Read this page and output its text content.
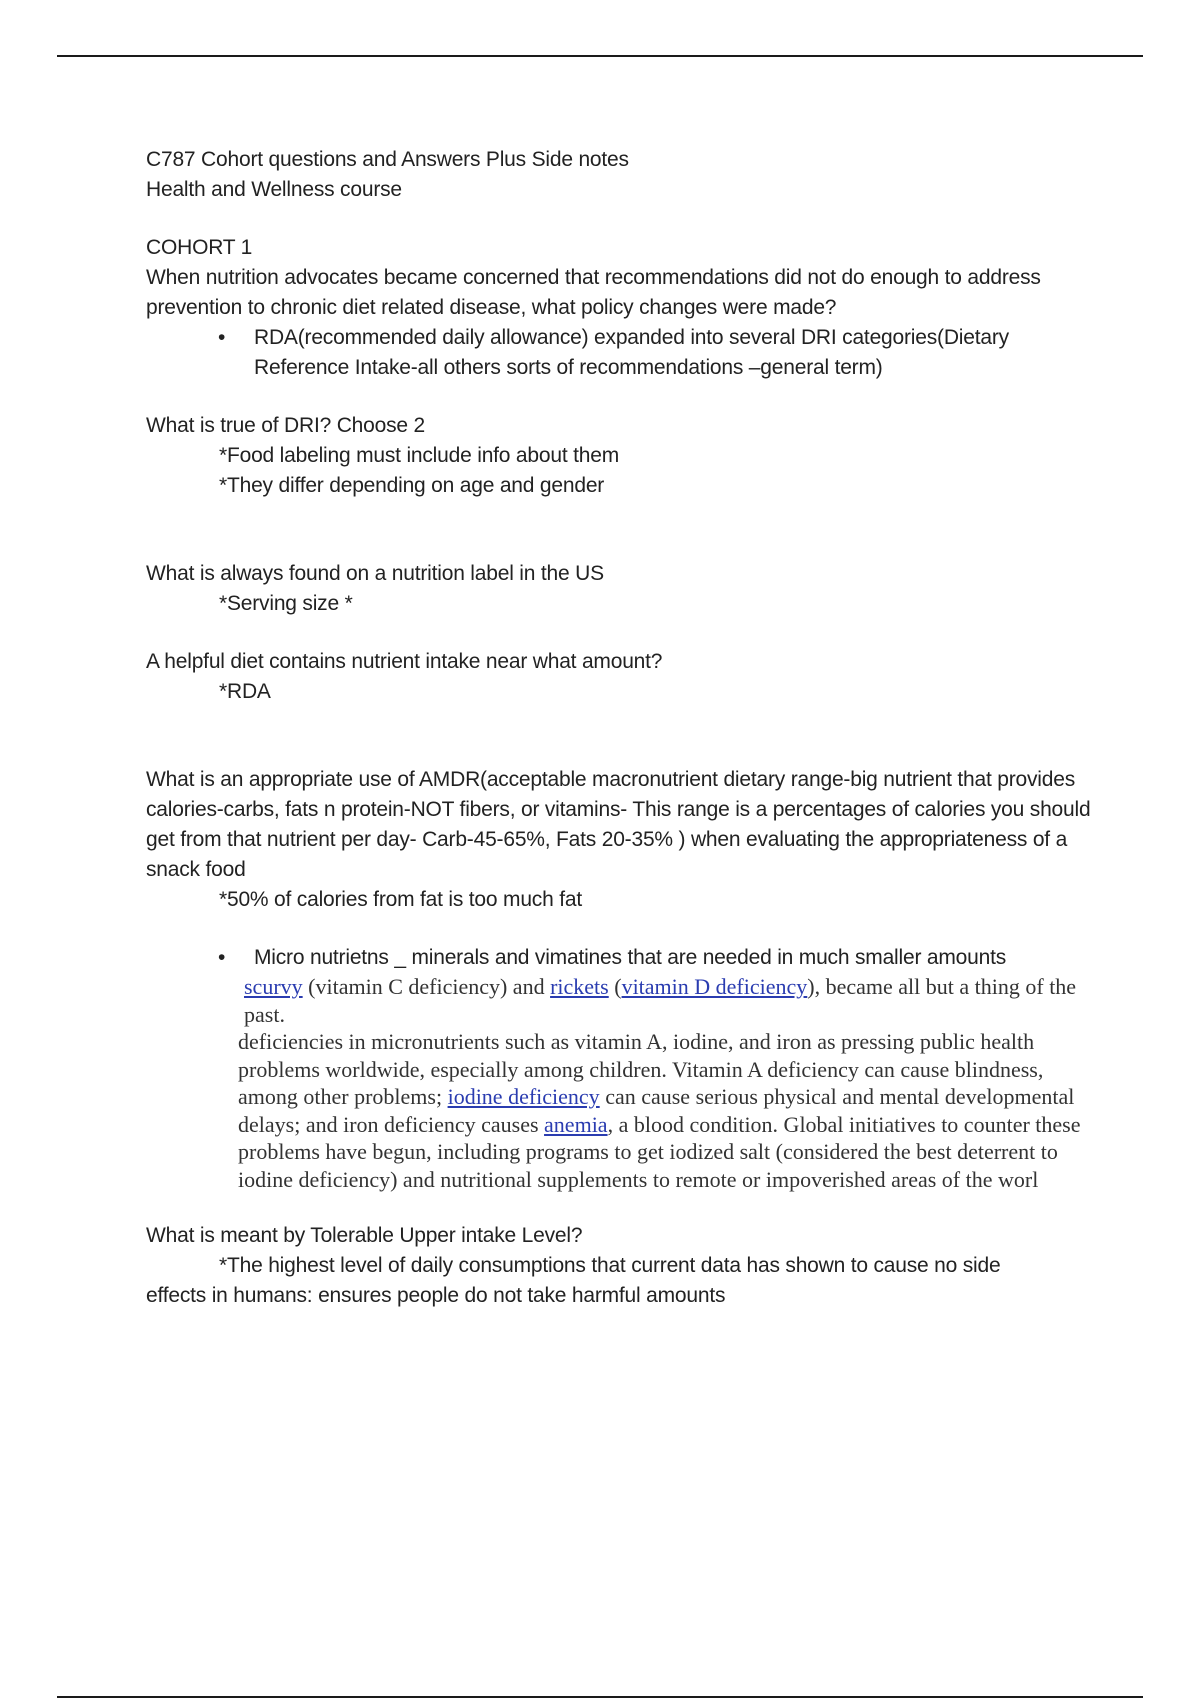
C787 Cohort questions and Answers Plus Side notes

Health and Wellness course

COHORT 1

When nutrition advocates became concerned that recommendations did not do enough to address prevention to chronic diet related disease, what policy changes were made?

• RDA(recommended daily allowance) expanded into several DRI categories(Dietary Reference Intake-all others sorts of recommendations –general term)

What is true of DRI? Choose 2

*Food labeling must include info about them

*They differ depending on age and gender

What is always found on a nutrition label in the US

*Serving size *

A helpful diet contains nutrient intake near what amount?

*RDA

What is an appropriate use of AMDR(acceptable macronutrient dietary range-big nutrient that provides calories-carbs, fats n protein-NOT fibers, or vitamins- This range is a percentages of calories you should get from that nutrient per day- Carb-45-65%, Fats 20-35% ) when evaluating the appropriateness of a snack food

*50% of calories from fat is too much fat

• Micro nutrietns _ minerals and vimatines that are needed in much smaller amounts

scurvy (vitamin C deficiency) and rickets (vitamin D deficiency), became all but a thing of the past.

deficiencies in micronutrients such as vitamin A, iodine, and iron as pressing public health problems worldwide, especially among children. Vitamin A deficiency can cause blindness, among other problems; iodine deficiency can cause serious physical and mental developmental delays; and iron deficiency causes anemia, a blood condition. Global initiatives to counter these problems have begun, including programs to get iodized salt (considered the best deterrent to iodine deficiency) and nutritional supplements to remote or impoverished areas of the worl

What is meant by Tolerable Upper intake Level?

*The highest level of daily consumptions that current data has shown to cause no side

effects in humans: ensures people do not take harmful amounts
